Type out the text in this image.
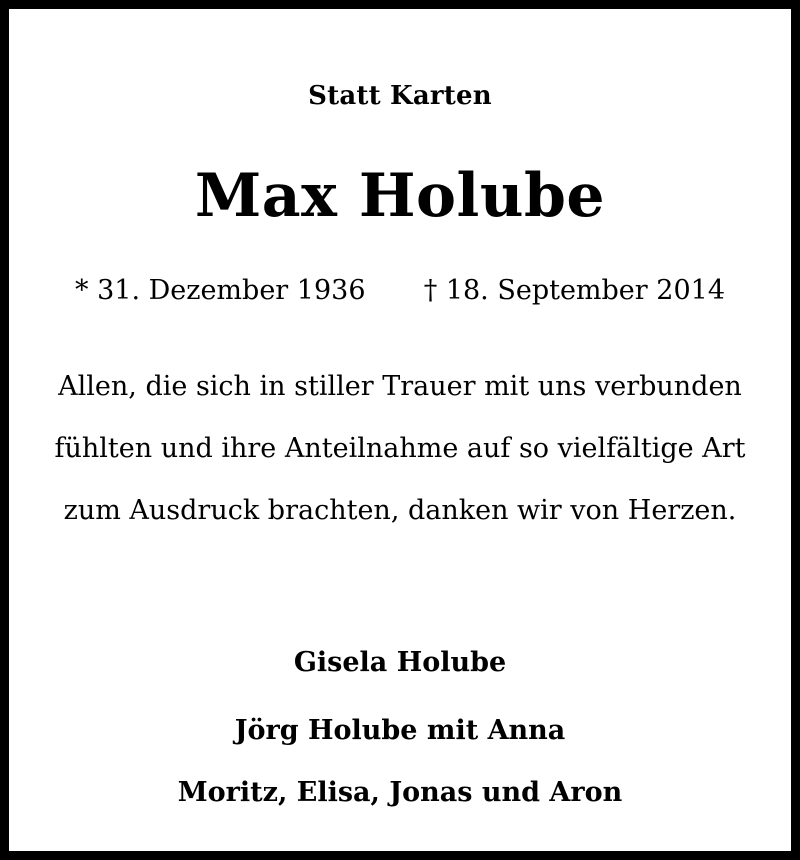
Statt Karten
Max Holube
* 31. Dezember 1936 † 18. September 2014
Allen, die sich in stiller Trauer mit uns verbunden
fühlten und ihre Anteilnahme auf so vielfältige Art
zum Ausdruck brachten, danken wir von Herzen.
Gisela Holube
Jörg Holube mit Anna
Moritz, Elisa, Jonas und Aron
